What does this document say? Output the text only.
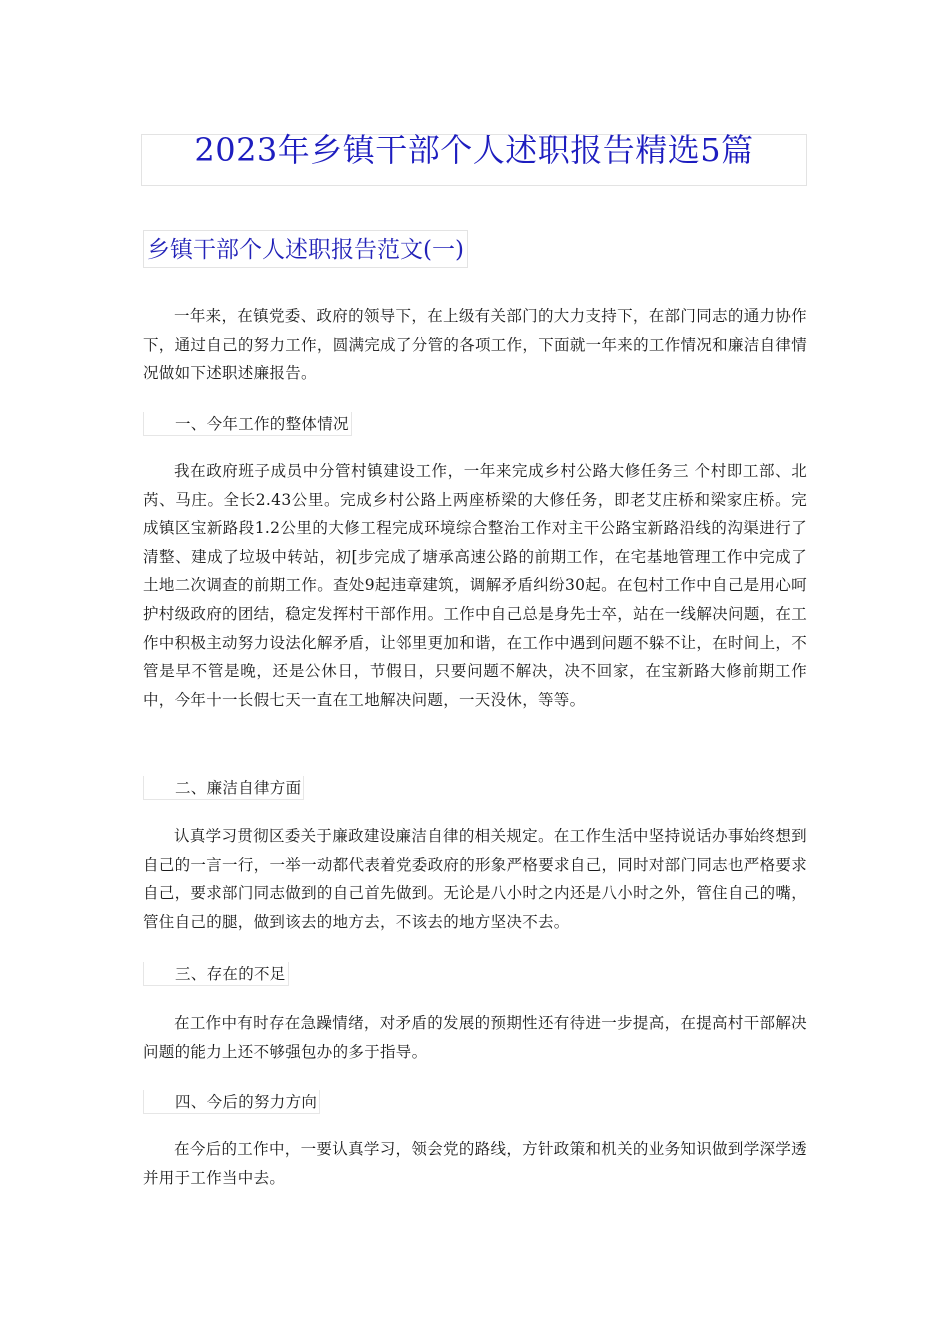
2023年乡镇干部个人述职报告精选5篇
乡镇干部个人述职报告范文(一)
一年来，在镇党委、政府的领导下，在上级有关部门的大力支持下，在部门同志的通力协作下，通过自己的努力工作，圆满完成了分管的各项工作，下面就一年来的工作情况和廉洁自律情况做如下述职述廉报告。
一、今年工作的整体情况
我在政府班子成员中分管村镇建设工作，一年来完成乡村公路大修任务三 个村即工部、北芮、马庄。全长2.43公里。完成乡村公路上两座桥梁的大修任务，即老艾庄桥和梁家庄桥。完成镇区宝新路段1.2公里的大修工程完成环境综合整治工作对主干公路宝新路沿线的沟渠进行了清整、建成了垃圾中转站，初[步完成了塘承高速公路的前期工作，在宅基地管理工作中完成了土地二次调查的前期工作。查处9起违章建筑，调解矛盾纠纷30起。在包村工作中自己是用心呵护村级政府的团结，稳定发挥村干部作用。工作中自己总是身先士卒，站在一线解决问题，在工作中积极主动努力设法化解矛盾，让邻里更加和谐，在工作中遇到问题不躲不让，在时间上，不管是早不管是晚，还是公休日，节假日，只要问题不解决，决不回家，在宝新路大修前期工作中，今年十一长假七天一直在工地解决问题，一天没休，等等。
二、廉洁自律方面
认真学习贯彻区委关于廉政建设廉洁自律的相关规定。在工作生活中坚持说话办事始终想到自己的一言一行，一举一动都代表着党委政府的形象严格要求自己，同时对部门同志也严格要求自己，要求部门同志做到的自己首先做到。无论是八小时之内还是八小时之外，管住自己的嘴，管住自己的腿，做到该去的地方去，不该去的地方坚决不去。
三、存在的不足
在工作中有时存在急躁情绪，对矛盾的发展的预期性还有待进一步提高，在提高村干部解决问题的能力上还不够强包办的多于指导。
四、今后的努力方向
在今后的工作中，一要认真学习，领会党的路线，方针政策和机关的业务知识做到学深学透并用于工作当中去。
